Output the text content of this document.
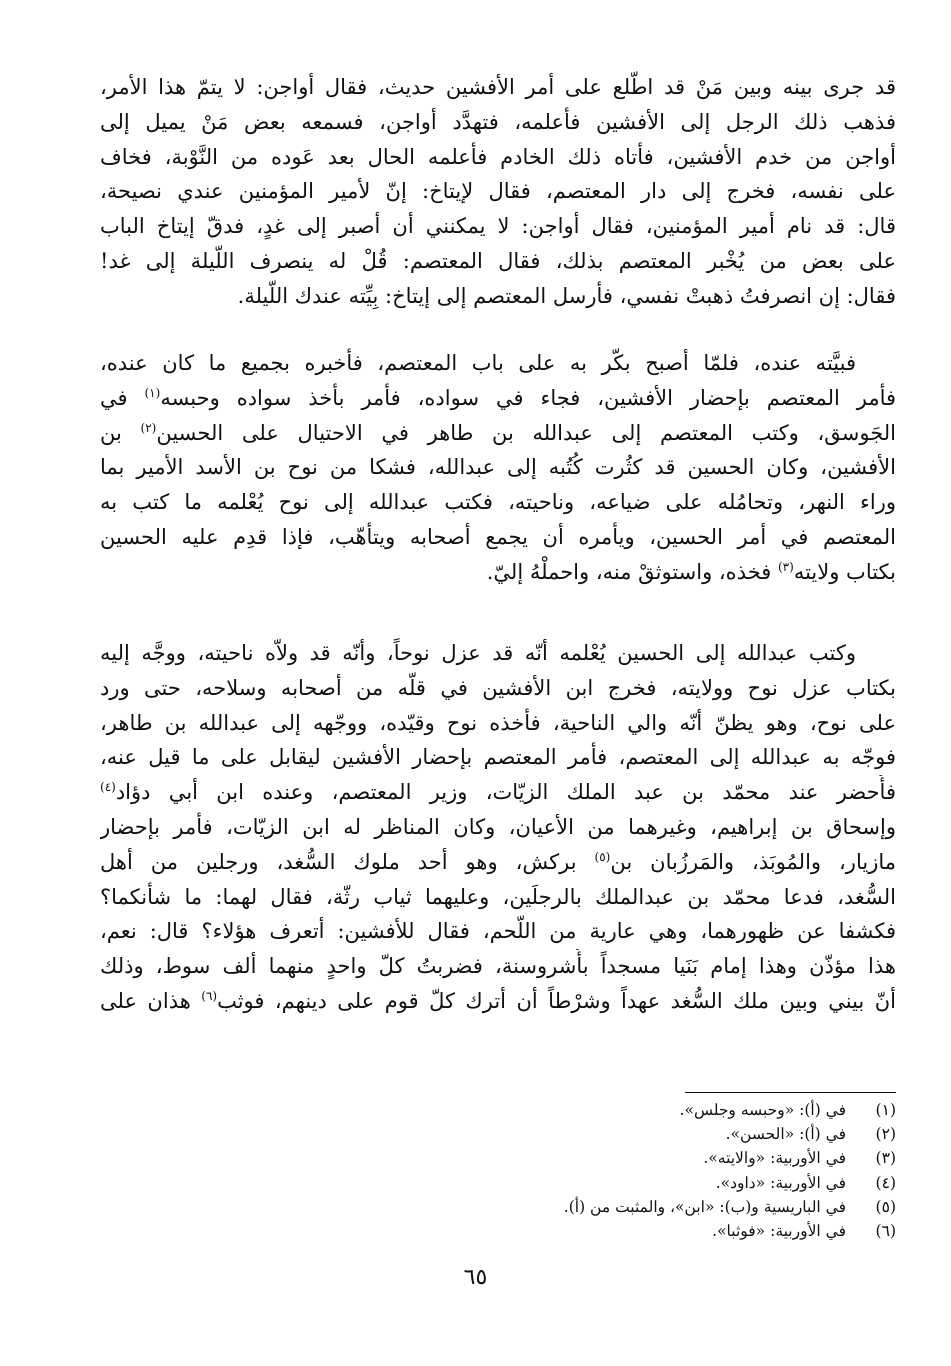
قد جرى بينه وبين مَنْ قد اطّلع على أمر الأفشين حديث، فقال أواجن: لا يتمّ هذا الأمر،
فذهب ذلك الرجل إلى الأفشين فأعلمه، فتهدَّد أواجن، فسمعه بعض مَنْ يميل إلى
أواجن من خدم الأفشين، فأتاه ذلك الخادم فأعلمه الحال بعد عَوده من النَّوْبة، فخاف
على نفسه، فخرج إلى دار المعتصم، فقال لإيتاخ: إنّ لأمير المؤمنين عندي نصيحة،
قال: قد نام أمير المؤمنين، فقال أواجن: لا يمكنني أن أصبر إلى غدٍ، فدقّ إيتاخ الباب
على بعض من يُخْبر المعتصم بذلك، فقال المعتصم: قُلْ له ينصرف اللّيلة إلى غد!
فقال: إن انصرفتُ ذهبتْ نفسي، فأرسل المعتصم إلى إيتاخ: بِيِّته عندك اللّيلة.
فبيَّته عنده، فلمّا أصبح بكّر به على باب المعتصم، فأخبره بجميع ما كان عنده،
فأمر المعتصم بإحضار الأفشين، فجاء في سواده، فأمر بأخذ سواده وحبسه$^{(١)}$ في
الجَوسق، وكتب المعتصم إلى عبدالله بن طاهر في الاحتيال على الحسين$^{(٢)}$ بن
الأفشين، وكان الحسين قد كثُرت كُتُبه إلى عبدالله، فشكا من نوح بن الأسد الأمير بما
وراء النهر، وتحامُله على ضياعه، وناحيته، فكتب عبدالله إلى نوح يُعْلمه ما كتب به
المعتصم في أمر الحسين، ويأمره أن يجمع أصحابه ويتأهّب، فإذا قدِم عليه الحسين
بكتاب ولايته$^{(٣)}$ فخذه، واستوثقْ منه، واحملْهُ إليّ.
وكتب عبدالله إلى الحسين يُعْلمه أنّه قد عزل نوحاً، وأنّه قد ولاّه ناحيته، ووجَّه إليه
بكتاب عزل نوح وولايته، فخرج ابن الأفشين في قلّه من أصحابه وسلاحه، حتى ورد
على نوح، وهو يظنّ أنّه والي الناحية، فأخذه نوح وقيّده، ووجّهه إلى عبدالله بن طاهر،
فوجّه به عبدالله إلى المعتصم، فأمر المعتصم بإحضار الأفشين ليقابل على ما قيل عنه،
فأُحضر عند محمّد بن عبد الملك الزيّات، وزير المعتصم، وعنده ابن أبي دؤاد$^{(٤)}$
وإسحاق بن إبراهيم، وغيرهما من الأعيان، وكان المناظر له ابن الزيّات، فأمر بإحضار
مازيار، والمُوبَذ، والمَرزُبان بن$^{(٥)}$ بركش، وهو أحد ملوك السُّغد، ورجلين من أهل
السُّغد، فدعا محمّد بن عبدالملك بالرجلَين، وعليهما ثياب رثّة، فقال لهما: ما شأنكما؟
فكشفا عن ظهورهما، وهي عارية من اللّحم، فقال للأفشين: أتعرف هؤلاء؟ قال: نعم،
هذا مؤذّن وهذا إمام بَنَيا مسجداً بأُشروسنة، فضربتُ كلّ واحدٍ منهما ألف سوط، وذلك
أنّ بيني وبين ملك السُّغد عهداً وشرْطاً أن أترك كلّ قوم على دينهم، فوثب$^{(٦)}$ هذان على
(١)في (أ): «وحبسه وجلس».
(٢)في (أ): «الحسن».
(٣)في الأوربية: «والايته».
(٤)في الأوربية: «داود».
(٥)في الباريسية و(ب): «ابن»، والمثبت من (أ).
(٦)في الأوربية: «فوثبا».
٦٥
